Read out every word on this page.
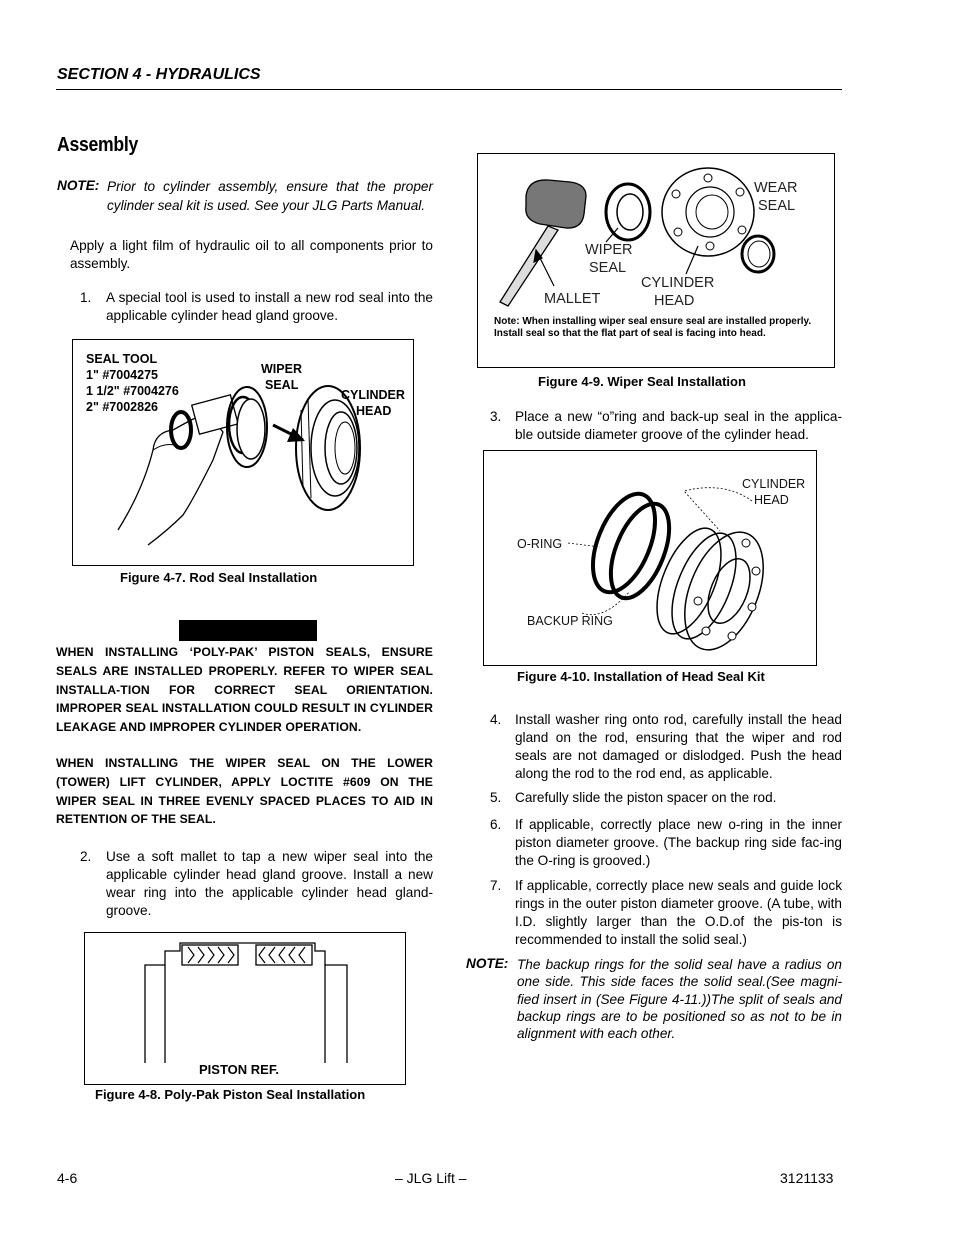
SECTION 4 - HYDRAULICS
Assembly
NOTE: Prior to cylinder assembly, ensure that the proper cylinder seal kit is used. See your JLG Parts Manual.
Apply a light film of hydraulic oil to all components prior to assembly.
1. A special tool is used to install a new rod seal into the applicable cylinder head gland groove.
SEAL TOOL
1" #7004275
1 1/2" #7004276
2" #7002826
WIPER
SEAL
CYLINDER
HEAD
Figure 4-7. Rod Seal Installation
WHEN INSTALLING ‘POLY-PAK’ PISTON SEALS, ENSURE SEALS ARE INSTALLED PROPERLY. REFER TO WIPER SEAL INSTALLA-TION FOR CORRECT SEAL ORIENTATION. IMPROPER SEAL INSTALLATION COULD RESULT IN CYLINDER LEAKAGE AND IMPROPER CYLINDER OPERATION.
WHEN INSTALLING THE WIPER SEAL ON THE LOWER (TOWER) LIFT CYLINDER, APPLY LOCTITE #609 ON THE WIPER SEAL IN THREE EVENLY SPACED PLACES TO AID IN RETENTION OF THE SEAL.
2. Use a soft mallet to tap a new wiper seal into the applicable cylinder head gland groove. Install a new wear ring into the applicable cylinder head gland-groove.
PISTON REF.
Figure 4-8. Poly-Pak Piston Seal Installation
WEAR
SEAL
WIPER
SEAL
CYLINDER
HEAD
MALLET
Note: When installing wiper seal ensure seal are installed properly. Install seal so that the flat part of seal is facing into head.
Figure 4-9. Wiper Seal Installation
3. Place a new “o”ring and back-up seal in the applica-ble outside diameter groove of the cylinder head.
CYLINDER
HEAD
O-RING
BACKUP RING
Figure 4-10. Installation of Head Seal Kit
4. Install washer ring onto rod, carefully install the head gland on the rod, ensuring that the wiper and rod seals are not damaged or dislodged. Push the head along the rod to the rod end, as applicable.
5. Carefully slide the piston spacer on the rod.
6. If applicable, correctly place new o-ring in the inner piston diameter groove. (The backup ring side fac-ing the O-ring is grooved.)
7. If applicable, correctly place new seals and guide lock rings in the outer piston diameter groove. (A tube, with I.D. slightly larger than the O.D.of the pis-ton is recommended to install the solid seal.)
NOTE: The backup rings for the solid seal have a radius on one side. This side faces the solid seal.(See magni-fied insert in (See Figure 4-11.))The split of seals and backup rings are to be positioned so as not to be in alignment with each other.
4-6	– JLG Lift –	3121133
